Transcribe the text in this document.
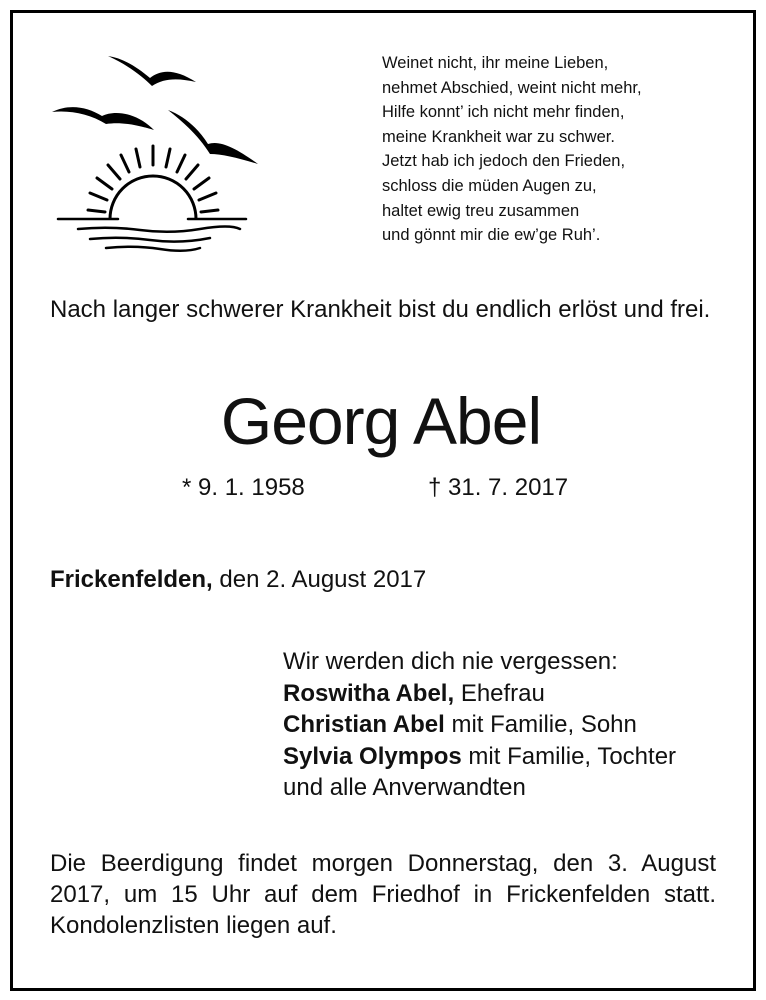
Weinet nicht, ihr meine Lieben,
nehmet Abschied, weint nicht mehr,
Hilfe konnt’ ich nicht mehr finden,
meine Krankheit war zu schwer.
Jetzt hab ich jedoch den Frieden,
schloss die müden Augen zu,
haltet ewig treu zusammen
und gönnt mir die ew’ge Ruh’.
Nach langer schwerer Krankheit bist du endlich erlöst und frei.
Georg Abel
* 9. 1. 1958	† 31. 7. 2017
Frickenfelden, den 2. August 2017
Wir werden dich nie vergessen:
Roswitha Abel, Ehefrau
Christian Abel mit Familie, Sohn
Sylvia Olympos mit Familie, Tochter
und alle Anverwandten
Die Beerdigung findet morgen Donnerstag, den 3. August 2017, um 15 Uhr auf dem Friedhof in Frickenfelden statt. Kondolenzlisten liegen auf.
